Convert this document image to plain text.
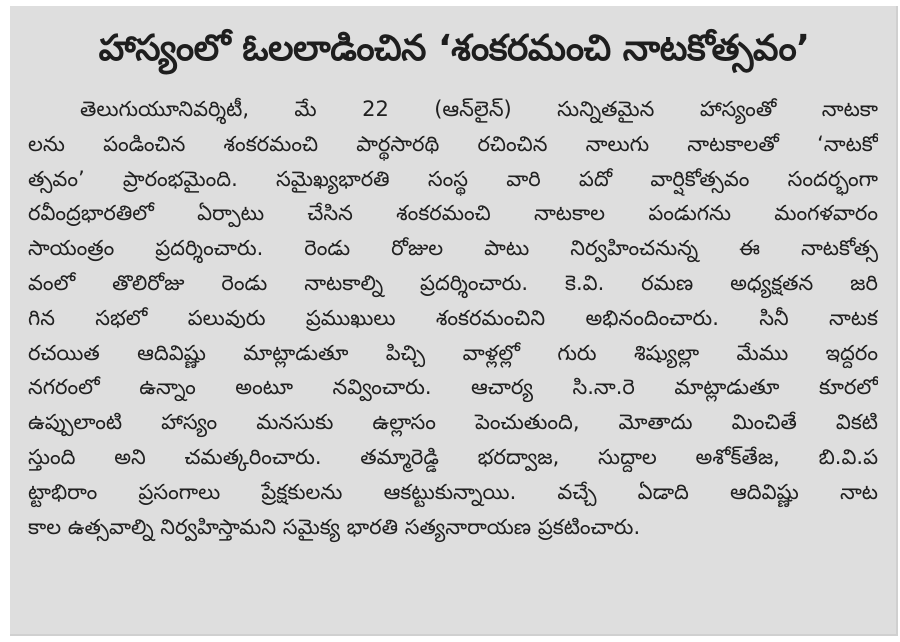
హాస్యంలో ఓలలాడించిన ‘శంకరమంచి నాటకోత్సవం’
తెలుగుయూనివర్శిటీ, మే 22 (ఆన్‌లైన్) సున్నితమైన హాస్యంతో నాటకా
లను పండించిన శంకరమంచి పార్థసారథి రచించిన నాలుగు నాటకాలతో ‘నాటకో
త్సవం’ ప్రారంభమైంది. సమైఖ్యభారతి సంస్థ వారి పదో వార్షికోత్సవం సందర్భంగా
రవీంద్రభారతిలో ఏర్పాటు చేసిన శంకరమంచి నాటకాల పండుగను మంగళవారం
సాయంత్రం ప్రదర్శించారు. రెండు రోజుల పాటు నిర్వహించనున్న ఈ నాటకోత్స
వంలో తొలిరోజు రెండు నాటకాల్ని ప్రదర్శించారు. కె.వి. రమణ అధ్యక్షతన జరి
గిన సభలో పలువురు ప్రముఖులు శంకరమంచిని అభినందించారు. సినీ నాటక
రచయిత ఆదివిష్ణు మాట్లాడుతూ పిచ్చి వాళ్లల్లో గురు శిష్యుల్లా మేము ఇద్దరం
నగరంలో ఉన్నాం అంటూ నవ్వించారు. ఆచార్య సి.నా.రె మాట్లాడుతూ కూరలో
ఉప్పులాంటి హాస్యం మనసుకు ఉల్లాసం పెంచుతుంది, మోతాదు మించితే వికటి
స్తుంది అని చమత్కరించారు. తమ్మారెడ్డి భరద్వాజ, సుద్దాల అశోక్‌తేజ, బి.వి.ప
ట్టాభిరాం ప్రసంగాలు ప్రేక్షకులను ఆకట్టుకున్నాయి. వచ్చే ఏడాది ఆదివిష్ణు నాట
కాల ఉత్సవాల్ని నిర్వహిస్తామని సమైక్య భారతి సత్యనారాయణ ప్రకటించారు.
